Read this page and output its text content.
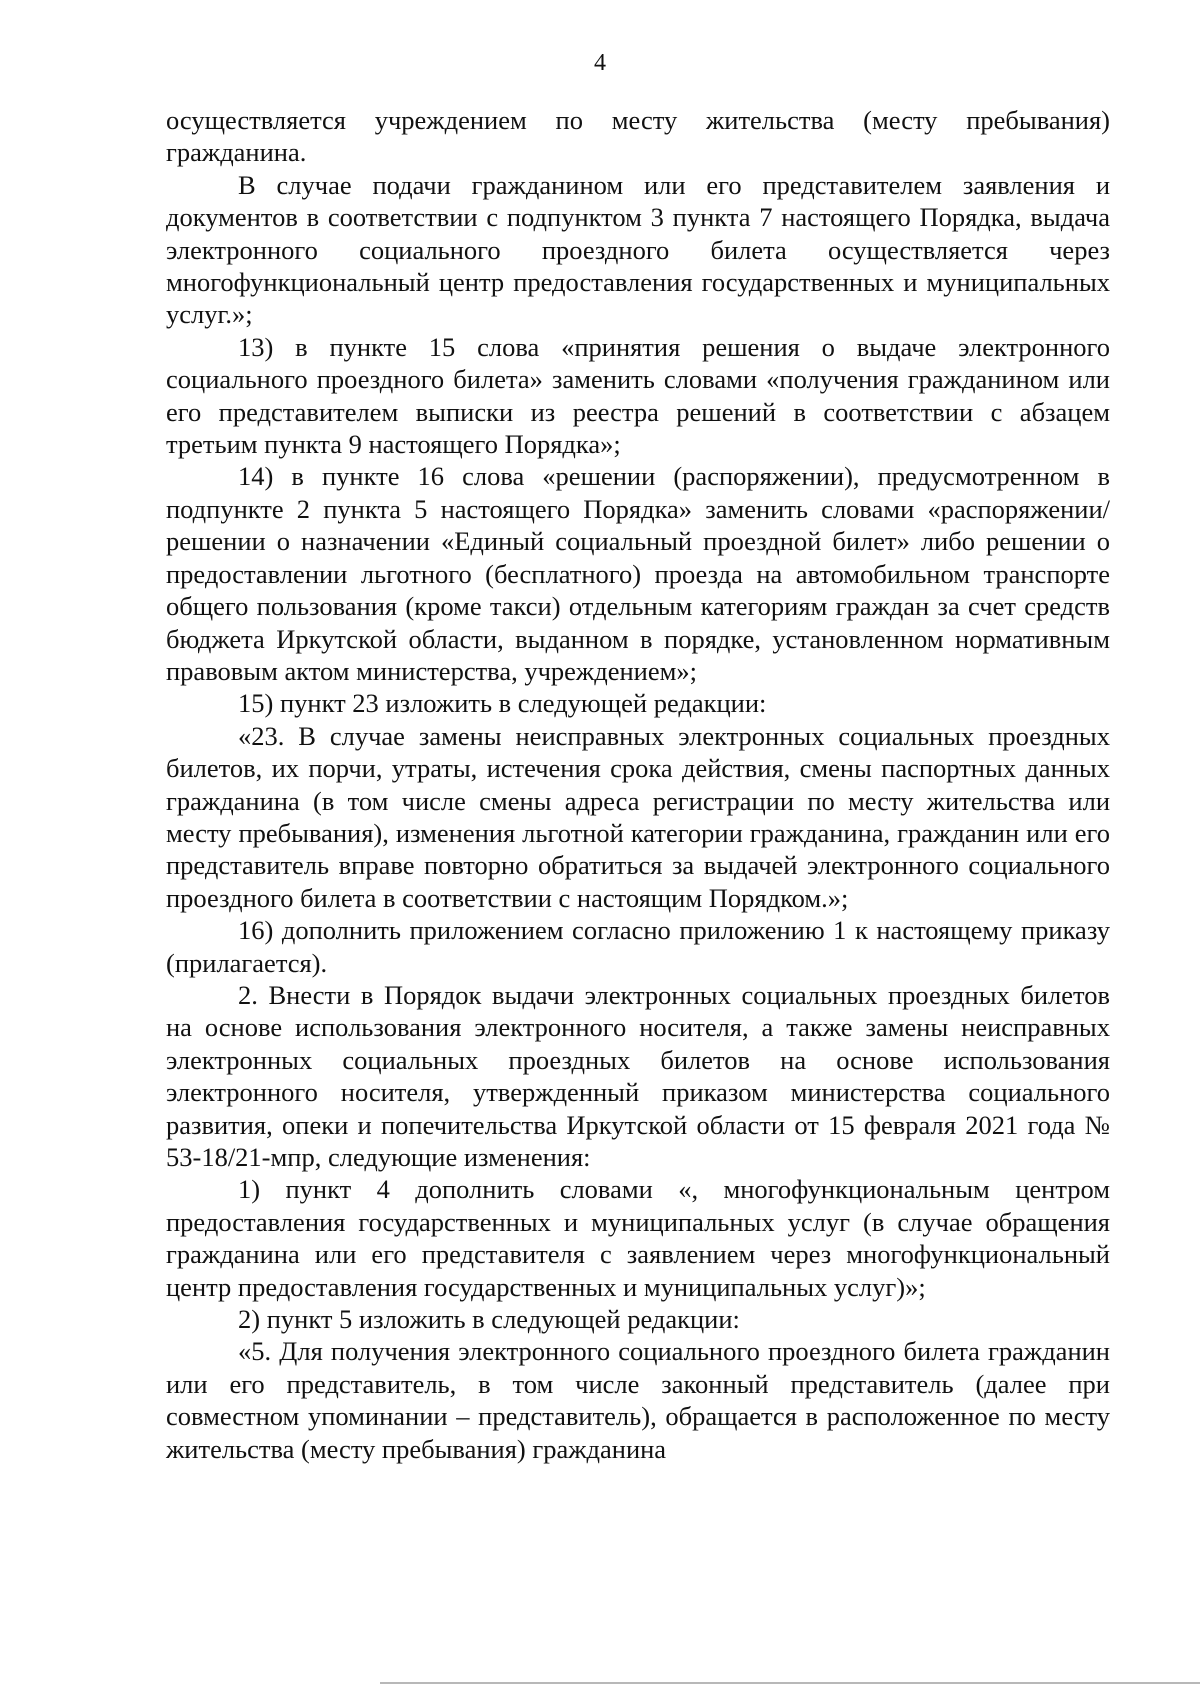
4

осуществляется учреждением по месту жительства (месту пребывания) гражданина.

В случае подачи гражданином или его представителем заявления и документов в соответствии с подпунктом 3 пункта 7 настоящего Порядка, выдача электронного социального проездного билета осуществляется через многофункциональный центр предоставления государственных и муниципальных услуг.»;

13) в пункте 15 слова «принятия решения о выдаче электронного социального проездного билета» заменить словами «получения гражданином или его представителем выписки из реестра решений в соответствии с абзацем третьим пункта 9 настоящего Порядка»;

14) в пункте 16 слова «решении (распоряжении), предусмотренном в подпункте 2 пункта 5 настоящего Порядка» заменить словами «распоряжении/решении о назначении «Единый социальный проездной билет» либо решении о предоставлении льготного (бесплатного) проезда на автомобильном транспорте общего пользования (кроме такси) отдельным категориям граждан за счет средств бюджета Иркутской области, выданном в порядке, установленном нормативным правовым актом министерства, учреждением»;

15) пункт 23 изложить в следующей редакции:

«23. В случае замены неисправных электронных социальных проездных билетов, их порчи, утраты, истечения срока действия, смены паспортных данных гражданина (в том числе смены адреса регистрации по месту жительства или месту пребывания), изменения льготной категории гражданина, гражданин или его представитель вправе повторно обратиться за выдачей электронного социального проездного билета в соответствии с настоящим Порядком.»;

16) дополнить приложением согласно приложению 1 к настоящему приказу (прилагается).

2. Внести в Порядок выдачи электронных социальных проездных билетов на основе использования электронного носителя, а также замены неисправных электронных социальных проездных билетов на основе использования электронного носителя, утвержденный приказом министерства социального развития, опеки и попечительства Иркутской области от 15 февраля 2021 года № 53-18/21-мпр, следующие изменения:

1) пункт 4 дополнить словами «, многофункциональным центром предоставления государственных и муниципальных услуг (в случае обращения гражданина или его представителя с заявлением через многофункциональный центр предоставления государственных и муниципальных услуг)»;

2) пункт 5 изложить в следующей редакции:

«5. Для получения электронного социального проездного билета гражданин или его представитель, в том числе законный представитель (далее при совместном упоминании – представитель), обращается в расположенное по месту жительства (месту пребывания) гражданина
